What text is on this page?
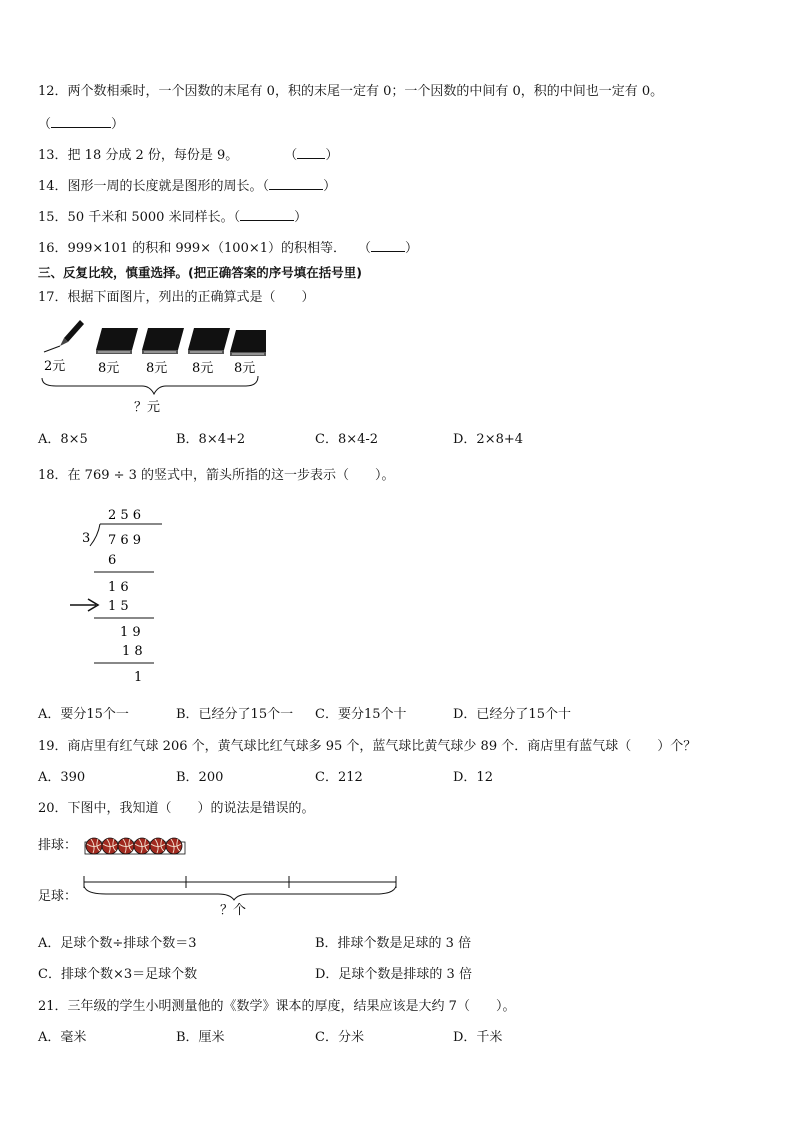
12．两个数相乘时，一个因数的末尾有 0，积的末尾一定有 0；一个因数的中间有 0，积的中间也一定有 0。
（	）
13．把 18 分成 2 份，每份是 9。	（ ）
14．图形一周的长度就是图形的周长。（	）
15．50 千米和 5000 米同样长。（	）
16．999×101 的积和 999×（100×1）的积相等． （	）
三、反复比较，慎重选择。(把正确答案的序号填在括号里)
17．根据下面图片，列出的正确算式是（　　）
2元	8元 8元 8元 8元
？元
A．8×5	B．8×4+2	C．8×4-2	D．2×8+4
18．在 769 ÷ 3 的竖式中，箭头所指的这一步表示（　　）。
2 5 6
3 7 6 9
6
1 6
1 5
1 9
1 8
1
A．要分15个一	B．已经分了15个一 C．要分15个十	D．已经分了15个十
19．商店里有红气球 206 个，黄气球比红气球多 95 个，蓝气球比黄气球少 89 个．商店里有蓝气球（　　）个？
A．390	B．200	C．212	D．12
20．下图中，我知道（　　）的说法是错误的。
排球：
足球：
？个
A．足球个数÷排球个数＝3	B．排球个数是足球的 3 倍
C．排球个数×3＝足球个数	D．足球个数是排球的 3 倍
21．三年级的学生小明测量他的《数学》课本的厚度，结果应该是大约 7（　　）。
A．毫米	B．厘米	C．分米	D．千米
